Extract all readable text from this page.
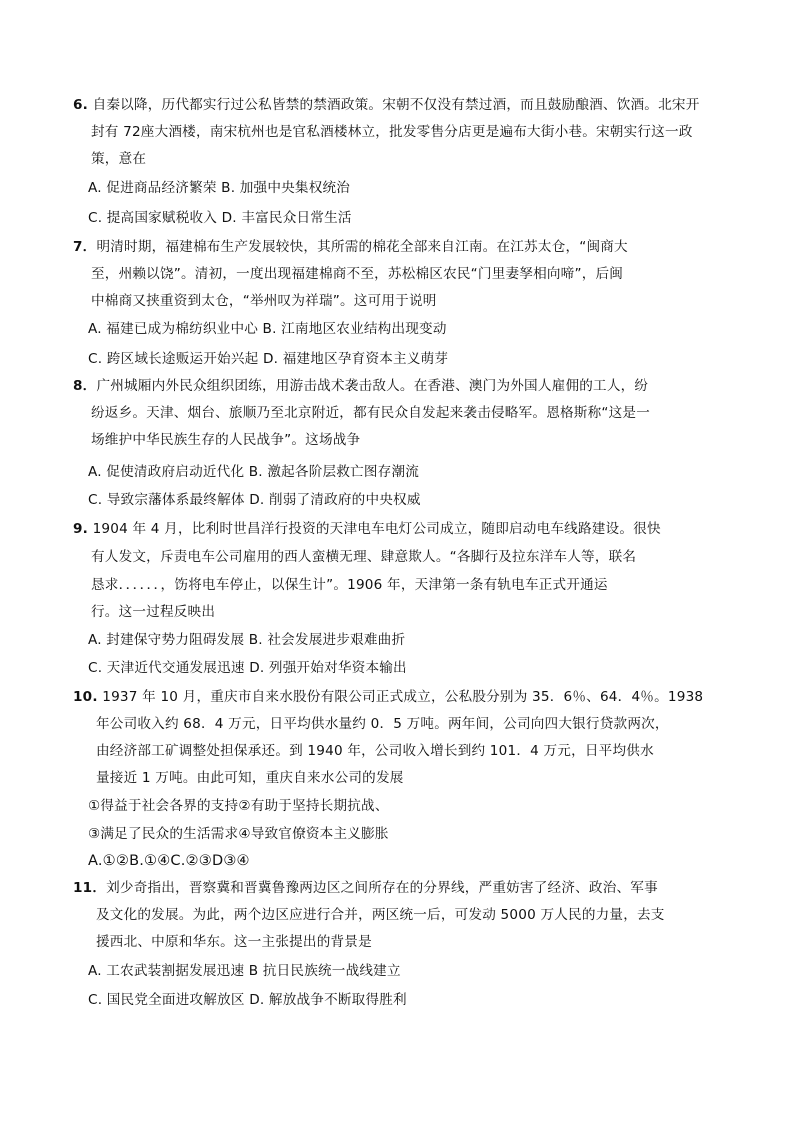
6. 自秦以降，历代都实行过公私皆禁的禁酒政策。宋朝不仅没有禁过酒，而且鼓励酿酒、饮酒。北宋开
封有 72座大酒楼，南宋杭州也是官私酒楼林立，批发零售分店更是遍布大街小巷。宋朝实行这一政
策，意在
A. 促进商品经济繁荣 B. 加强中央集权统治
C. 提高国家赋税收入 D. 丰富民众日常生活
7．明清时期，福建棉布生产发展较快，其所需的棉花全部来自江南。在江苏太仓，“闽商大
至，州赖以饶”。清初，一度出现福建棉商不至，苏松棉区农民“门里妻孥相向啼”，后闽
中棉商又挟重资到太仓，“举州叹为祥瑞”。这可用于说明
A. 福建已成为棉纺织业中心 B. 江南地区农业结构出现变动
C. 跨区域长途贩运开始兴起 D. 福建地区孕育资本主义萌芽
8．广州城厢内外民众组织团练，用游击战术袭击敌人。在香港、澳门为外国人雇佣的工人，纷
纷返乡。天津、烟台、旅顺乃至北京附近，都有民众自发起来袭击侵略军。恩格斯称“这是一
场维护中华民族生存的人民战争”。这场战争
A. 促使清政府启动近代化 B. 激起各阶层救亡图存潮流
C. 导致宗藩体系最终解体 D. 削弱了清政府的中央权威
9. 1904 年 4 月，比利时世昌洋行投资的天津电车电灯公司成立，随即启动电车线路建设。很快
有人发文，斥责电车公司雇用的西人蛮横无理、肆意欺人。“各脚行及拉东洋车人等，联名
恳求．．．．．．，饬将电车停止，以保生计”。1906 年，天津第一条有轨电车正式开通运
行。这一过程反映出
A. 封建保守势力阻碍发展 B. 社会发展进步艰难曲折
C. 天津近代交通发展迅速 D. 列强开始对华资本输出
10. 1937 年 10 月，重庆市自来水股份有限公司正式成立，公私股分别为 35．6％、64．4％。1938
年公司收入约 68．4 万元，日平均供水量约 0．5 万吨。两年间，公司向四大银行贷款两次，
由经济部工矿调整处担保承还。到 1940 年，公司收入增长到约 101．4 万元，日平均供水
量接近 1 万吨。由此可知，重庆自来水公司的发展
①得益于社会各界的支持②有助于坚持长期抗战、
③满足了民众的生活需求④导致官僚资本主义膨胀
A.①②B.①④C.②③D③④
11．刘少奇指出，晋察冀和晋冀鲁豫两边区之间所存在的分界线，严重妨害了经济、政治、军事
及文化的发展。为此，两个边区应进行合并，两区统一后，可发动 5000 万人民的力量，去支
援西北、中原和华东。这一主张提出的背景是
A. 工农武装割据发展迅速 B 抗日民族统一战线建立
C. 国民党全面进攻解放区 D. 解放战争不断取得胜利
